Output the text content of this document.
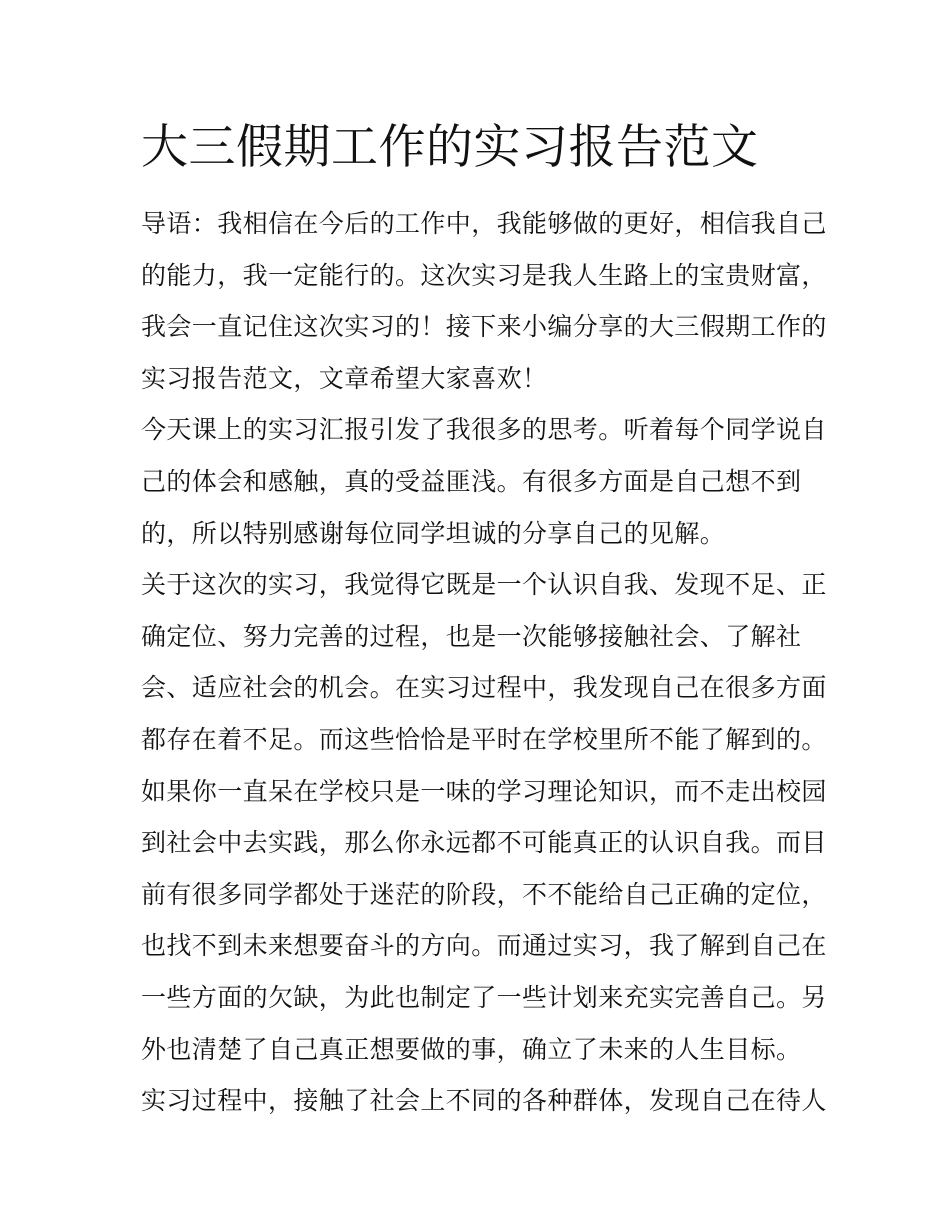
大三假期工作的实习报告范文
导语：我相信在今后的工作中，我能够做的更好，相信我自己
的能力，我一定能行的。这次实习是我人生路上的宝贵财富，
我会一直记住这次实习的！接下来小编分享的大三假期工作的
实习报告范文，文章希望大家喜欢！
今天课上的实习汇报引发了我很多的思考。听着每个同学说自
己的体会和感触，真的受益匪浅。有很多方面是自己想不到
的，所以特别感谢每位同学坦诚的分享自己的见解。
关于这次的实习，我觉得它既是一个认识自我、发现不足、正
确定位、努力完善的过程，也是一次能够接触社会、了解社
会、适应社会的机会。在实习过程中，我发现自己在很多方面
都存在着不足。而这些恰恰是平时在学校里所不能了解到的。
如果你一直呆在学校只是一味的学习理论知识，而不走出校园
到社会中去实践，那么你永远都不可能真正的认识自我。而目
前有很多同学都处于迷茫的阶段，不不能给自己正确的定位，
也找不到未来想要奋斗的方向。而通过实习，我了解到自己在
一些方面的欠缺，为此也制定了一些计划来充实完善自己。另
外也清楚了自己真正想要做的事，确立了未来的人生目标。
实习过程中，接触了社会上不同的各种群体，发现自己在待人
